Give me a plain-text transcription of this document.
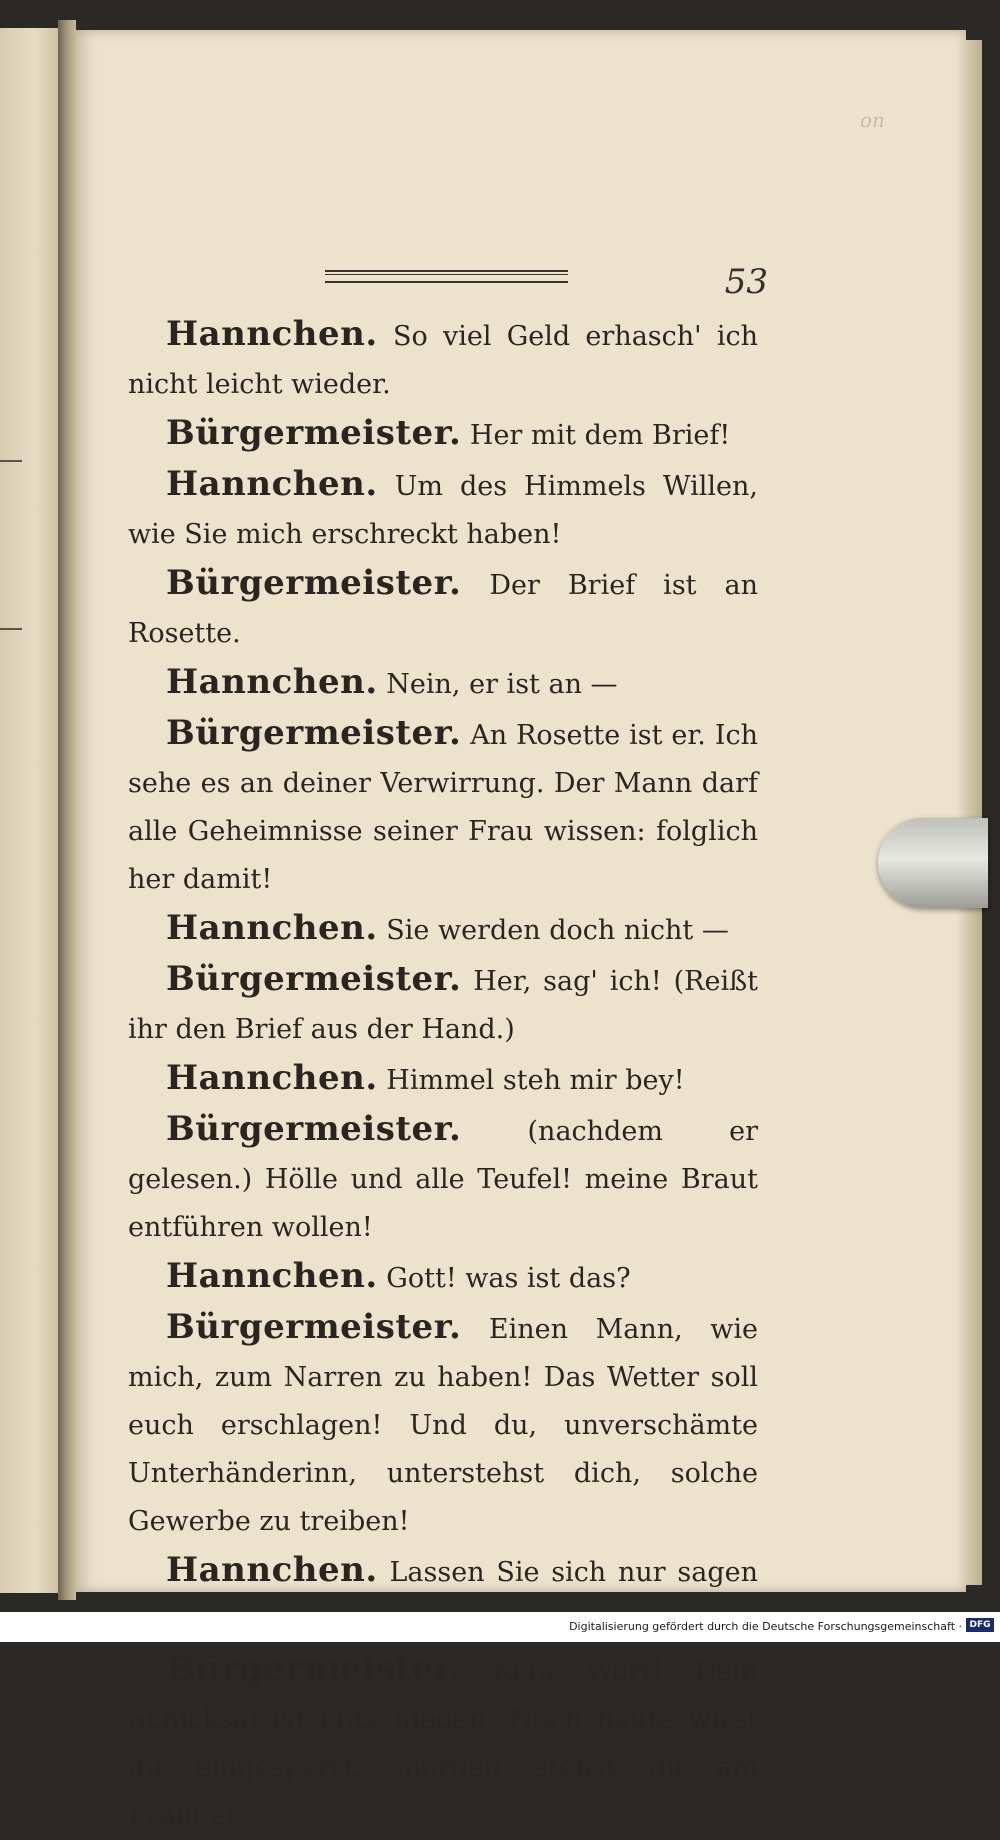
53
on

Hannchen. So viel Geld erhasch' ich nicht leicht wieder.

Bürgermeister. Her mit dem Brief!

Hannchen. Um des Himmels Willen, wie Sie mich erschreckt haben!

Bürgermeister. Der Brief ist an Rosette.

Hannchen. Nein, er ist an —

Bürgermeister. An Rosette ist er. Ich sehe es an deiner Verwirrung. Der Mann darf alle Geheimnisse seiner Frau wissen: folglich her damit!

Hannchen. Sie werden doch nicht —

Bürgermeister. Her, sag' ich! (Reißt ihr den Brief aus der Hand.)

Hannchen. Himmel steh mir bey!

Bürgermeister. (nachdem er gelesen.) Hölle und alle Teufel! meine Braut entführen wollen!

Hannchen. Gott! was ist das?

Bürgermeister. Einen Mann, wie mich, zum Narren zu haben! Das Wetter soll euch erschlagen! Und du, unverschämte Unterhänderinn, unterstehst dich, solche Gewerbe zu treiben!

Hannchen. Lassen Sie sich nur sagen

Bürgermeister. Kein Wort! Dein Schicksal ist entschieden. Noch heute wirst du eingesperrt: morgen stehst du am Pranger.

Digitalisierung gefördert durch die Deutsche Forschungsgemeinschaft · DFG
